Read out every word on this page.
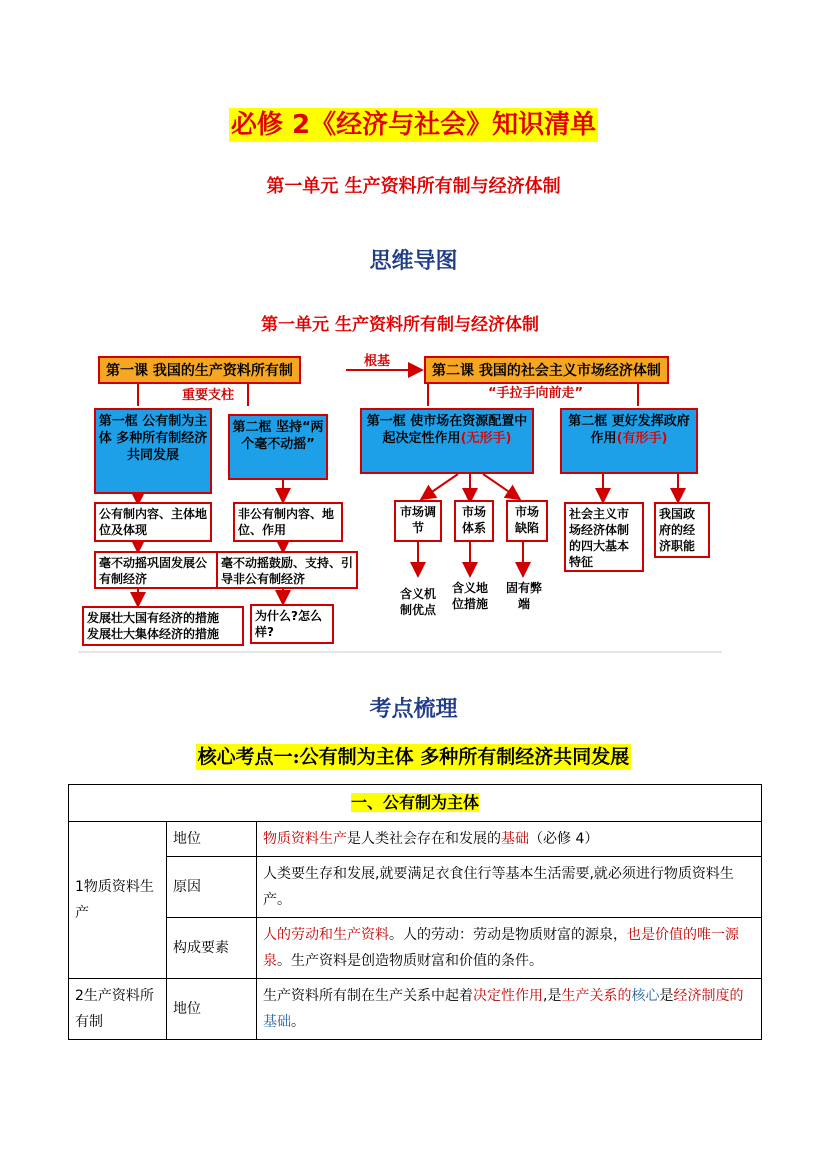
必修 2《经济与社会》知识清单
第一单元 生产资料所有制与经济体制
思维导图
第一单元 生产资料所有制与经济体制
第一课 我国的生产资料所有制
根基
第二课 我国的社会主义市场经济体制
重要支柱	“手拉手向前走”
第一框 公有制为主体 多种所有制经济共同发展
第二框 坚持“两个毫不动摇”
第一框 使市场在资源配置中起决定性作用(无形手)
第二框 更好发挥政府作用(有形手)
公有制内容、主体地位及体现
毫不动摇巩固发展公有制经济
发展壮大国有经济的措施
发展壮大集体经济的措施
非公有制内容、地位、作用
毫不动摇鼓励、支持、引导非公有制经济
为什么?怎么样?
市场调节
市场体系
市场缺陷
含义机制优点
含义地位措施
固有弊端
社会主义市场经济体制的四大基本特征
我国政府的经济职能
考点梳理
核心考点一:公有制为主体 多种所有制经济共同发展
一、公有制为主体		
1物质资料生产	地位	物质资料生产是人类社会存在和发展的基础（必修 4）
	原因	人类要生存和发展,就要满足衣食住行等基本生活需要,就必须进行物质资料生产。
	构成要素	人的劳动和生产资料。人的劳动：劳动是物质财富的源泉，也是价值的唯一源泉。生产资料是创造物质财富和价值的条件。
2生产资料所有制	地位	生产资料所有制在生产关系中起着决定性作用,是生产关系的核心是经济制度的基础。
